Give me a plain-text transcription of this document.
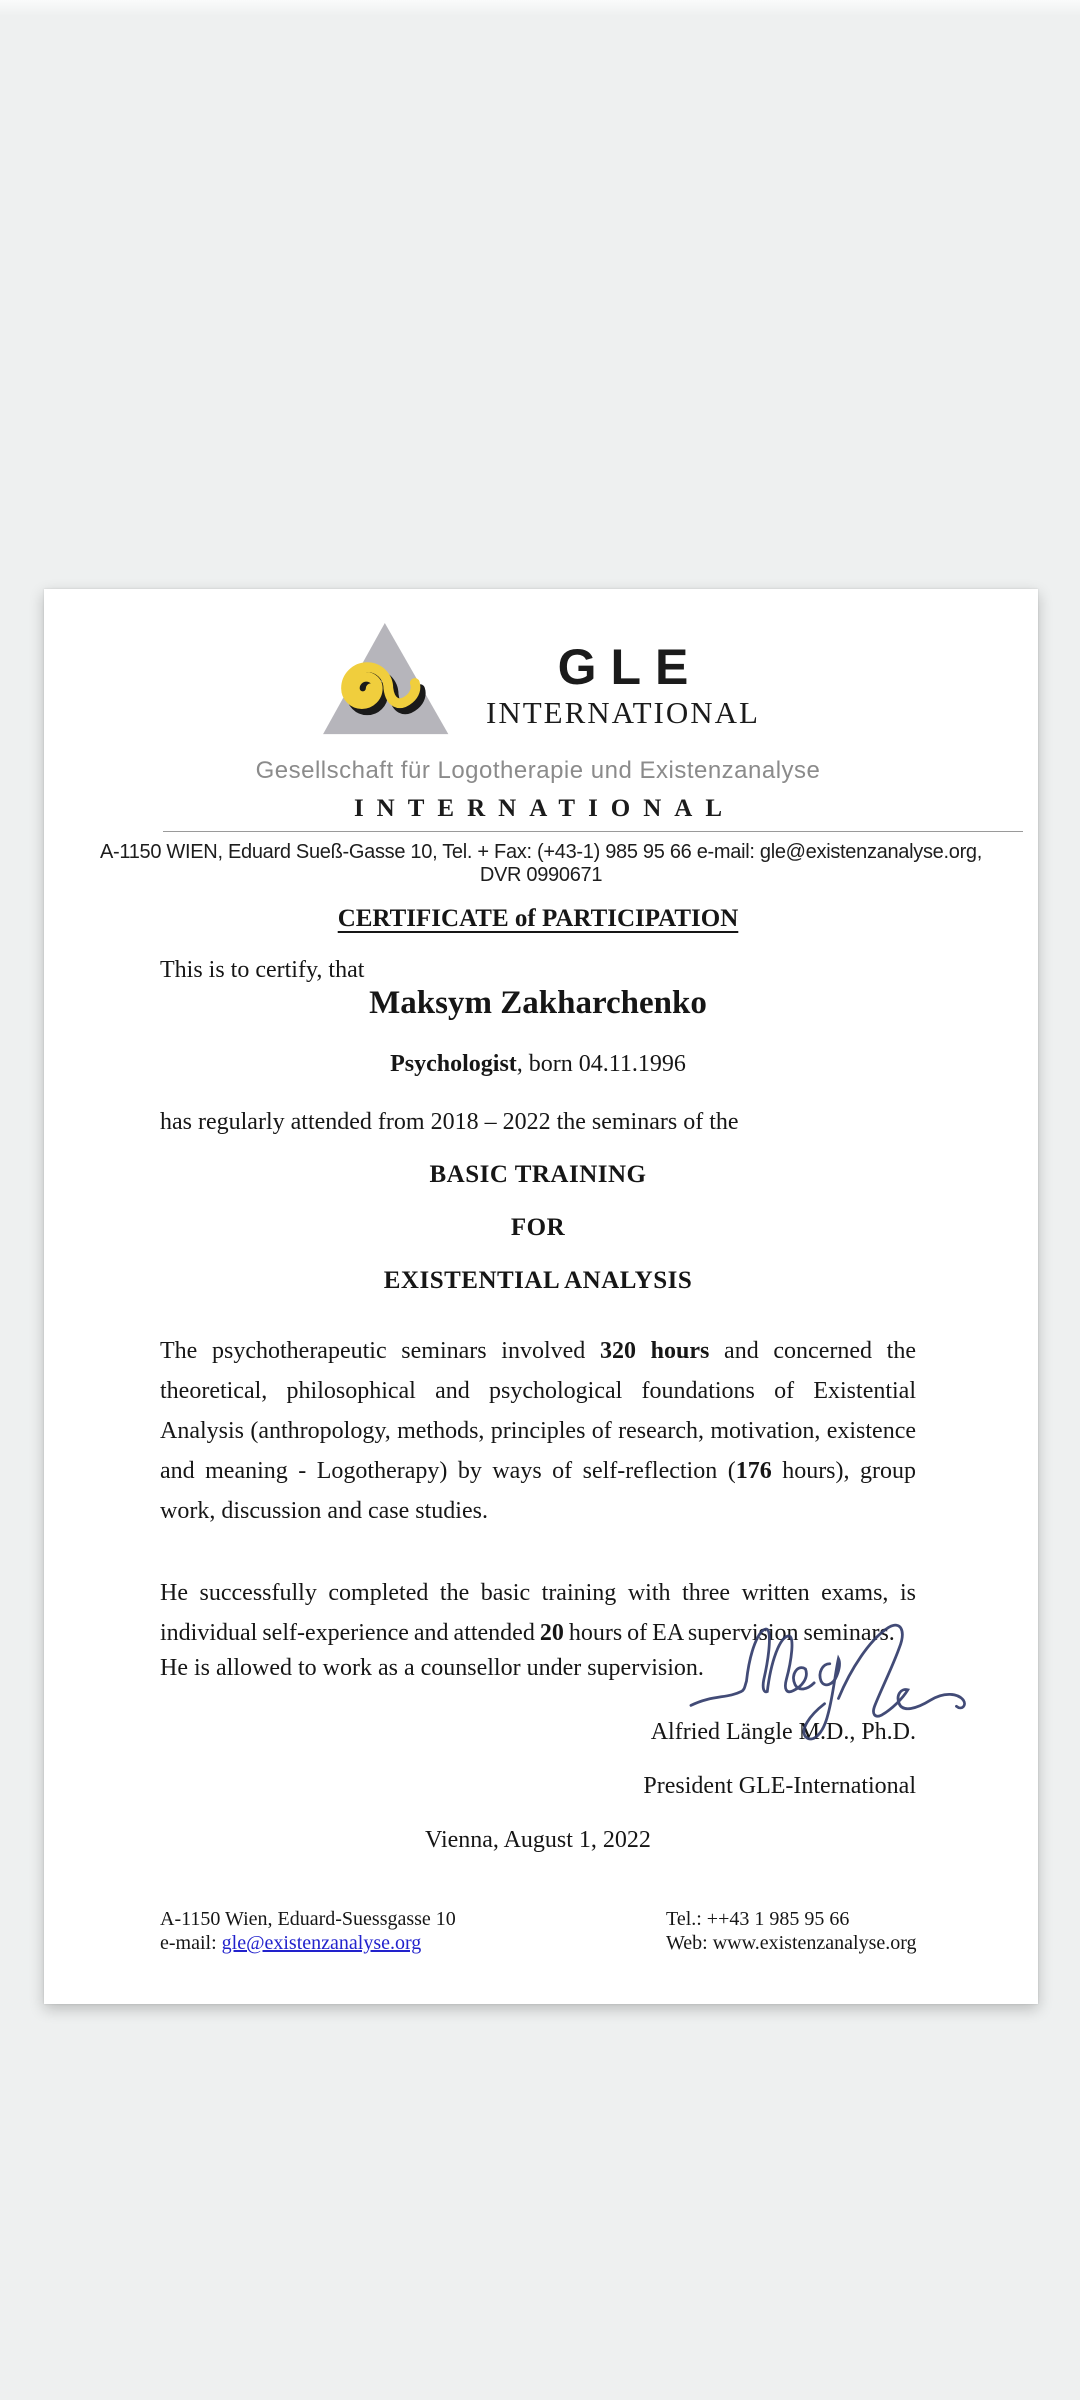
GLE
INTERNATIONAL
Gesellschaft für Logotherapie und Existenzanalyse
INTERNATIONAL
A-1150 WIEN, Eduard Sueß-Gasse 10, Tel. + Fax: (+43-1) 985 95 66 e-mail: gle@existenzanalyse.org, DVR 0990671
CERTIFICATE of PARTICIPATION
This is to certify, that
Maksym Zakharchenko
Psychologist, born 04.11.1996
has regularly attended from 2018 – 2022 the seminars of the
BASIC TRAINING
FOR
EXISTENTIAL ANALYSIS
The psychotherapeutic seminars involved 320 hours and concerned the theoretical, philosophical and psychological foundations of Existential Analysis (anthropology, methods, principles of research, motivation, existence and meaning - Logotherapy) by ways of self-reflection (176 hours), group work, discussion and case studies.
He successfully completed the basic training with three written exams, is individual self-experience and attended 20 hours of EA supervision seminars.
He is allowed to work as a counsellor under supervision.
Alfried Längle M.D., Ph.D.
President GLE-International
Vienna, August 1, 2022
A-1150 Wien, Eduard-Suessgasse 10
e-mail: gle@existenzanalyse.org
Tel.: ++43 1 985 95 66
Web: www.existenzanalyse.org
